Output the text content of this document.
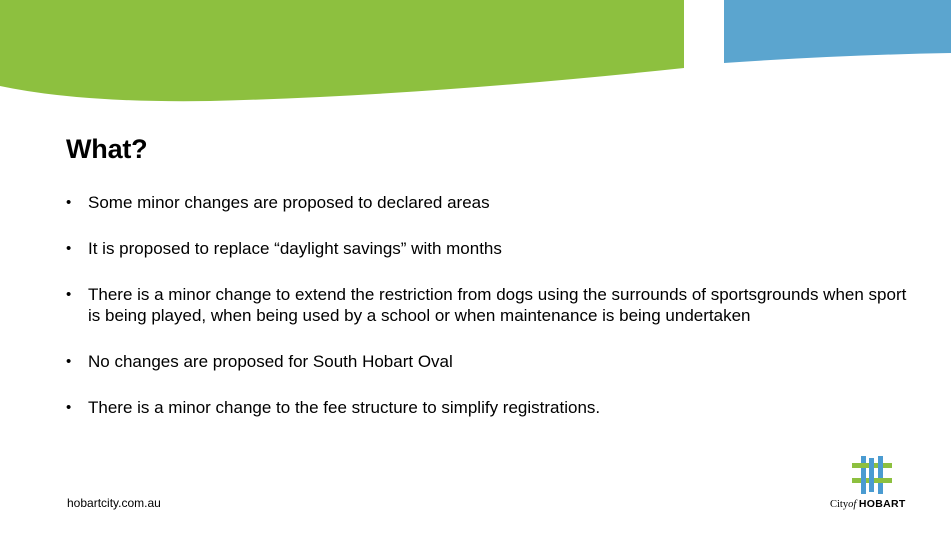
What?
• Some minor changes are proposed to declared areas
• It is proposed to replace “daylight savings” with months
• There is a minor change to extend the restriction from dogs using the surrounds of sportsgrounds when sport is being played, when being used by a school or when maintenance is being undertaken
• No changes are proposed for South Hobart Oval
• There is a minor change to the fee structure to simplify registrations.
hobartcity.com.au	Cityof HOBART
